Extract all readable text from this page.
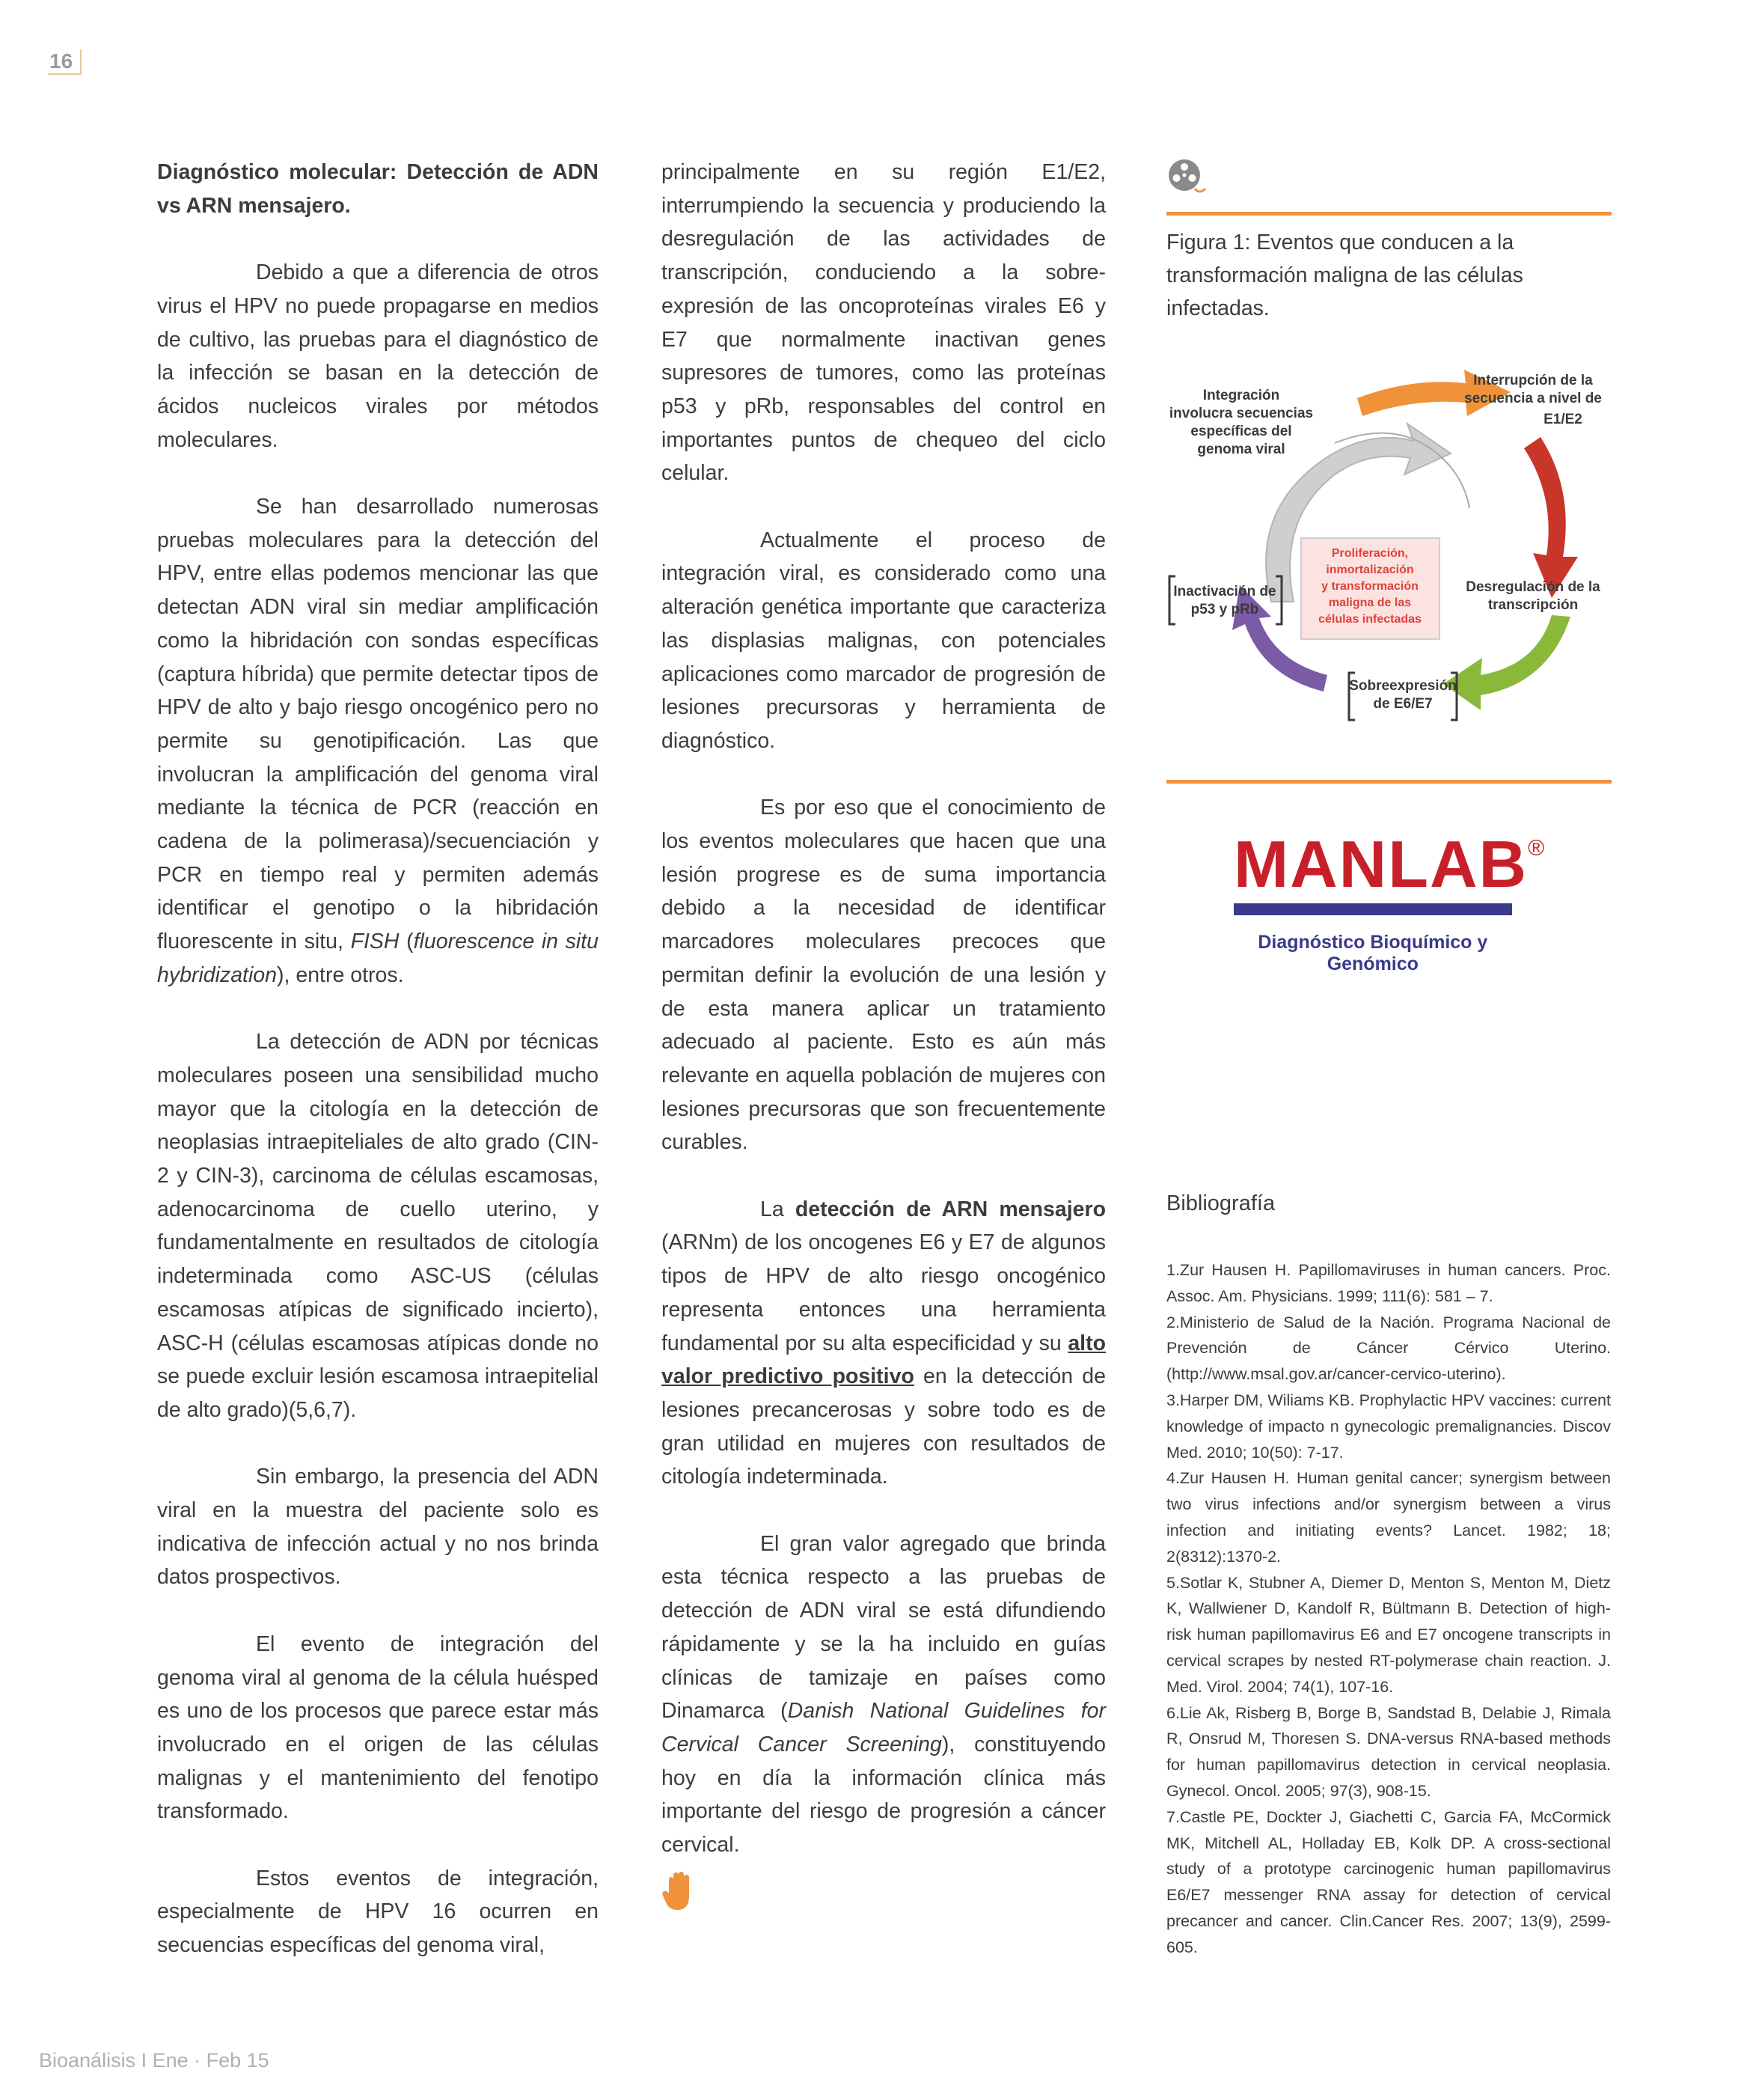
16

Diagnóstico molecular: Detección de ADN vs ARN mensajero.

Debido a que a diferencia de otros virus el HPV no puede propagarse en medios de cultivo, las pruebas para el diagnóstico de la infección se basan en la detección de ácidos nucleicos virales por métodos moleculares.

Se han desarrollado numerosas pruebas moleculares para la detección del HPV, entre ellas podemos mencionar las que detectan ADN viral sin mediar amplificación como la hibridación con sondas específicas (captura híbrida) que permite detectar tipos de HPV de alto y bajo riesgo oncogénico pero no permite su genotipificación. Las que involucran la amplificación del genoma viral mediante la técnica de PCR (reacción en cadena de la polimerasa)/secuenciación y PCR en tiempo real y permiten además identificar el genotipo o la hibridación fluorescente in situ, FISH (fluorescence in situ hybridization), entre otros.

La detección de ADN por técnicas moleculares poseen una sensibilidad mucho mayor que la citología en la detección de neoplasias intraepiteliales de alto grado (CIN-2 y CIN-3), carcinoma de células escamosas, adenocarcinoma de cuello uterino, y fundamentalmente en resultados de citología indeterminada como ASC-US (células escamosas atípicas de significado incierto), ASC-H (células escamosas atípicas donde no se puede excluir lesión escamosa intraepitelial de alto grado)(5,6,7).

Sin embargo, la presencia del ADN viral en la muestra del paciente solo es indicativa de infección actual y no nos brinda datos prospectivos.

El evento de integración del genoma viral al genoma de la célula huésped es uno de los procesos que parece estar más involucrado en el origen de las células malignas y el mantenimiento del fenotipo transformado.

Estos eventos de integración, especialmente de HPV 16 ocurren en secuencias específicas del genoma viral,

principalmente en su región E1/E2, interrumpiendo la secuencia y produciendo la desregulación de las actividades de transcripción, conduciendo a la sobre-expresión de las oncoproteínas virales E6 y E7 que normalmente inactivan genes supresores de tumores, como las proteínas p53 y pRb, responsables del control en importantes puntos de chequeo del ciclo celular.

Actualmente el proceso de integración viral, es considerado como una alteración genética importante que caracteriza las displasias malignas, con potenciales aplicaciones como marcador de progresión de lesiones precursoras y herramienta de diagnóstico.

Es por eso que el conocimiento de los eventos moleculares que hacen que una lesión progrese es de suma importancia debido a la necesidad de identificar marcadores moleculares precoces que permitan definir la evolución de una lesión y de esta manera aplicar un tratamiento adecuado al paciente. Esto es aún más relevante en aquella población de mujeres con lesiones precursoras que son frecuentemente curables.

La detección de ARN mensajero (ARNm) de los oncogenes E6 y E7 de algunos tipos de HPV de alto riesgo oncogénico representa entonces una herramienta fundamental por su alta especificidad y su alto valor predictivo positivo en la detección de lesiones precancerosas y sobre todo es de gran utilidad en mujeres con resultados de citología indeterminada.

El gran valor agregado que brinda esta técnica respecto a las pruebas de detección de ADN viral se está difundiendo rápidamente y se la ha incluido en guías clínicas de tamizaje en países como Dinamarca (Danish National Guidelines for Cervical Cancer Screening), constituyendo hoy en día la información clínica más importante del riesgo de progresión a cáncer cervical.

Figura 1: Eventos que conducen a la transformación maligna de las células infectadas.
Proliferación,
inmortalización
y transformación
maligna de las
células infectadas
Integración
involucra secuencias
específicas del
genoma viral
Interrupción de la
secuencia a nivel de
E1/E2
Desregulación de la
transcripción
Sobreexpresión
de E6/E7
Inactivación de
p53 y pRb
MANLAB®
Diagnóstico Bioquímico y Genómico
Bibliografía

1.Zur Hausen H. Papillomaviruses in human cancers. Proc. Assoc. Am. Physicians. 1999; 111(6): 581 – 7.

2.Ministerio de Salud de la Nación. Programa Nacional de Prevención de Cáncer Cérvico Uterino. (http://www.msal.gov.ar/cancer-cervico-uterino).

3.Harper DM, Wiliams KB. Prophylactic HPV vaccines: current knowledge of impacto n gynecologic premalignancies. Discov Med. 2010; 10(50): 7-17.

4.Zur Hausen H. Human genital cancer; synergism between two virus infections and/or synergism between a virus infection and initiating events? Lancet. 1982; 18; 2(8312):1370-2.

5.Sotlar K, Stubner A, Diemer D, Menton S, Menton M, Dietz K, Wallwiener D, Kandolf R, Bültmann B. Detection of high-risk human papillomavirus E6 and E7 oncogene transcripts in cervical scrapes by nested RT-polymerase chain reaction. J. Med. Virol. 2004; 74(1), 107-16.

6.Lie Ak, Risberg B, Borge B, Sandstad B, Delabie J, Rimala R, Onsrud M, Thoresen S. DNA-versus RNA-based methods for human papillomavirus detection in cervical neoplasia. Gynecol. Oncol. 2005; 97(3), 908-15.

7.Castle PE, Dockter J, Giachetti C, Garcia FA, McCormick MK, Mitchell AL, Holladay EB, Kolk DP. A cross-sectional study of a prototype carcinogenic human papillomavirus E6/E7 messenger RNA assay for detection of cervical precancer and cancer. Clin.Cancer Res. 2007; 13(9), 2599-605.

Bioanálisis I Ene · Feb 15
